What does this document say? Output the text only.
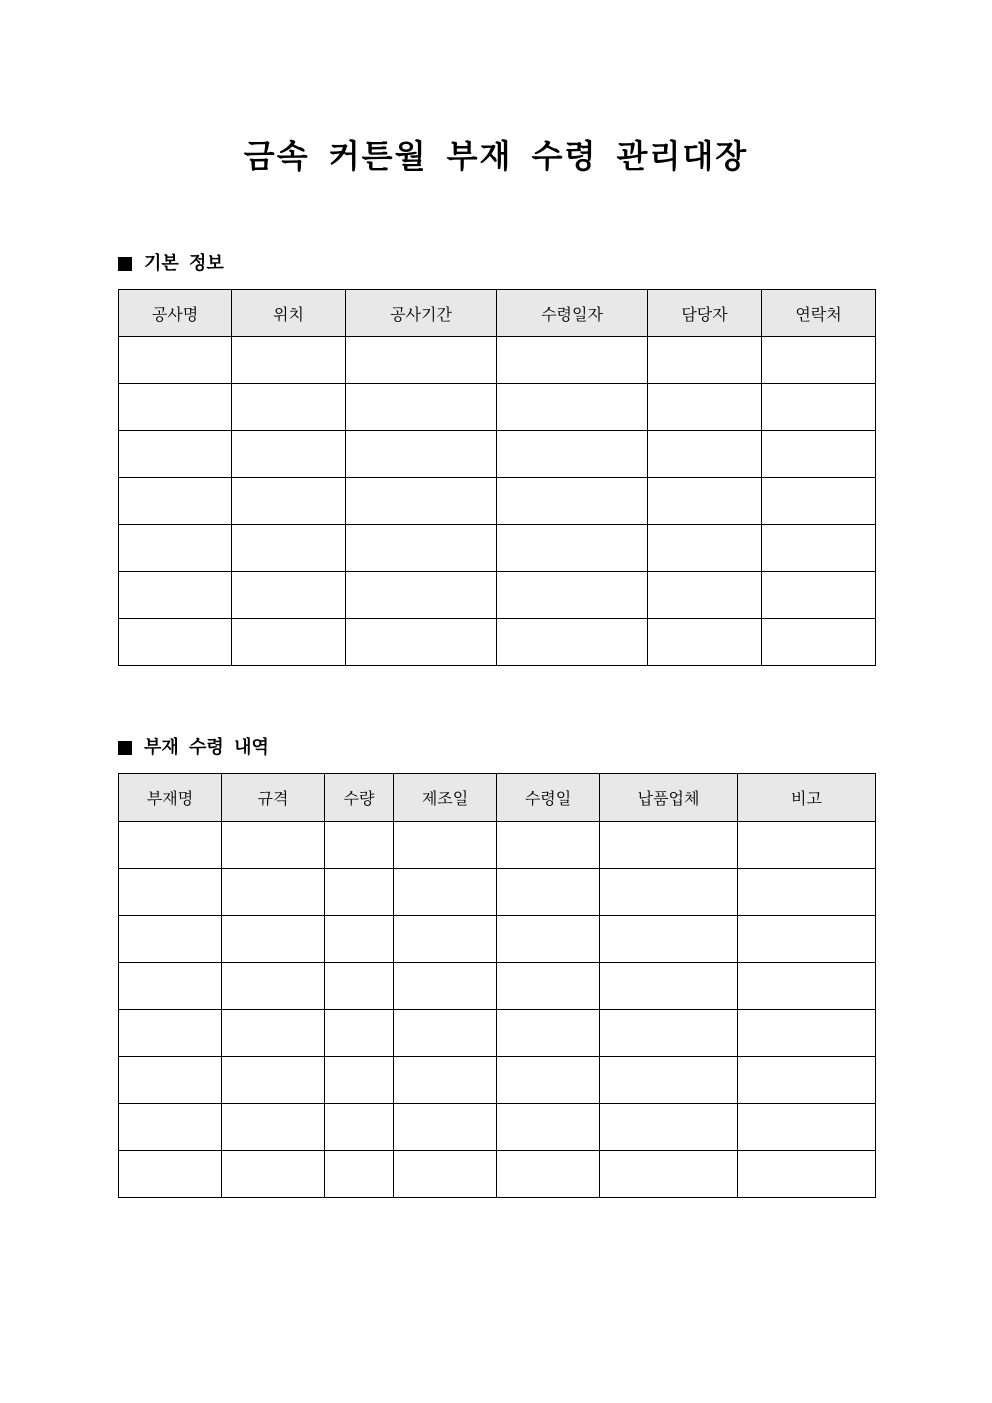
금속 커튼월 부재 수령 관리대장
기본 정보
공사명	위치	공사기간	수령일자	담당자	연락처

부재 수령 내역
부재명	규격	수량	제조일	수령일	납품업체	비고
